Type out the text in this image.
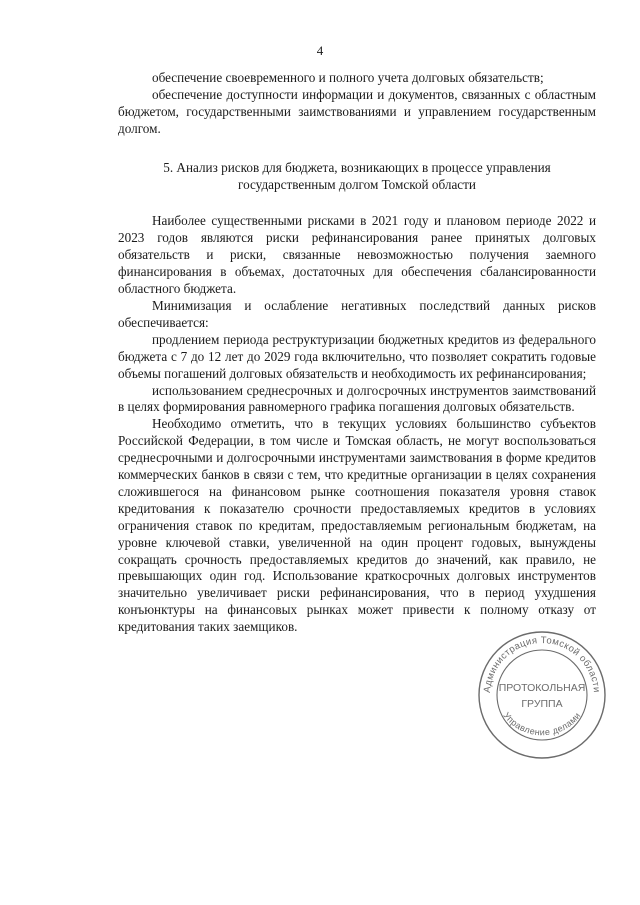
4

обеспечение своевременного и полного учета долговых обязательств;

обеспечение доступности информации и документов, связанных с областным бюджетом, государственными заимствованиями и управлением государственным долгом.

5. Анализ рисков для бюджета, возникающих в процессе управления
государственным долгом Томской области

Наиболее существенными рисками в 2021 году и плановом периоде 2022 и 2023 годов являются риски рефинансирования ранее принятых долговых обязательств и риски, связанные невозможностью получения заемного финансирования в объемах, достаточных для обеспечения сбалансированности областного бюджета.

Минимизация и ослабление негативных последствий данных рисков обеспечивается:

продлением периода реструктуризации бюджетных кредитов из федерального бюджета с 7 до 12 лет до 2029 года включительно, что позволяет сократить годовые объемы погашений долговых обязательств и необходимость их рефинансирования;

использованием среднесрочных и долгосрочных инструментов заимствований в целях формирования равномерного графика погашения долговых обязательств.

Необходимо отметить, что в текущих условиях большинство субъектов Российской Федерации, в том числе и Томская область, не могут воспользоваться среднесрочными и долгосрочными инструментами заимствования в форме кредитов коммерческих банков в связи с тем, что кредитные организации в целях сохранения сложившегося на финансовом рынке соотношения показателя уровня ставок кредитования к показателю срочности предоставляемых кредитов в условиях ограничения ставок по кредитам, предоставляемым региональным бюджетам, на уровне ключевой ставки, увеличенной на один процент годовых, вынуждены сокращать срочность предоставляемых кредитов до значений, как правило, не превышающих один год. Использование краткосрочных долговых инструментов значительно увеличивает риски рефинансирования, что в период ухудшения конъюнктуры на финансовых рынках может привести к полному отказу от кредитования таких заемщиков.

Администрация Томской области
Управление делами
ПРОТОКОЛЬНАЯ
ГРУППА
